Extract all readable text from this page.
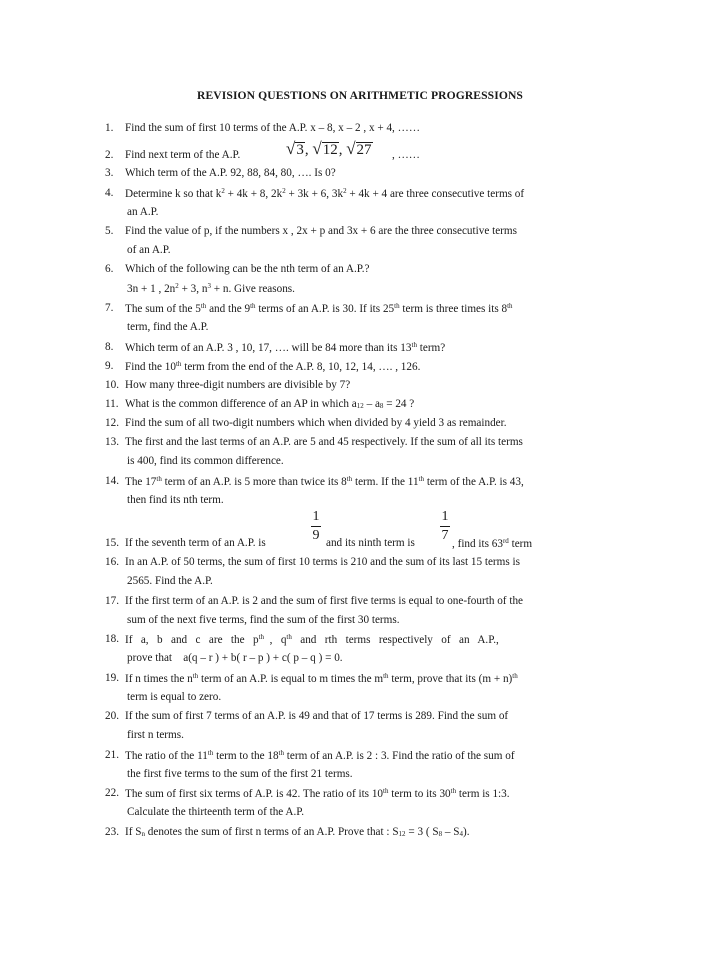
REVISION QUESTIONS ON ARITHMETIC PROGRESSIONS
1. Find the sum of first 10 terms of the A.P. x – 8, x – 2 , x + 4, ……
2. Find next term of the A.P.	√3, √12, √27 , ……
3. Which term of the A.P. 92, 88, 84, 80, …. Is 0?
4. Determine k so that $k^2 + 4k + 8$, $2k^2 + 3k + 6$, $3k^2 + 4k + 4$ are three consecutive terms of
an A.P.
5. Find the value of p, if the numbers x , 2x + p and 3x + 6 are the three consecutive terms
of an A.P.
6. Which of the following can be the nth term of an A.P.?
3n + 1 , $2n^2 + 3$, $n^3 + n$. Give reasons.
7. The sum of the 5th and the 9th terms of an A.P. is 30. If its 25th term is three times its 8th
term, find the A.P.
8. Which term of an A.P. 3 , 10, 17, …. will be 84 more than its 13th term?
9. Find the 10th term from the end of the A.P. 8, 10, 12, 14, …. , 126.
10. How many three-digit numbers are divisible by 7?
11. What is the common difference of an AP in which $a_{12} - a_8 = 24$ ?
12. Find the sum of all two-digit numbers which when divided by 4 yield 3 as remainder.
13. The first and the last terms of an A.P. are 5 and 45 respectively. If the sum of all its terms
is 400, find its common difference.
14. The 17th term of an A.P. is 5 more than twice its 8th term. If the 11th term of the A.P. is 43,
then find its nth term.
15. If the seventh term of an A.P. is
1
9 and its ninth term is
1
7
, find its 63rd term
16. In an A.P. of 50 terms, the sum of first 10 terms is 210 and the sum of its last 15 terms is
2565. Find the A.P.
17. If the first term of an A.P. is 2 and the sum of first five terms is equal to one-fourth of the
sum of the next five terms, find the sum of the first 30 terms.
18. If   a,   b   and   c   are   the   $p^{th}$  ,   $q^{th}$   and   rth   terms   respectively   of   an   A.P.,
prove that    a(q – r ) + b( r – p ) + c( p – q ) = 0.
19. If n times the $n^{th}$ term of an A.P. is equal to m times the $m^{th}$ term, prove that its $(m + n)^{th}$
term is equal to zero.
20. If the sum of first 7 terms of an A.P. is 49 and that of 17 terms is 289. Find the sum of
first n terms.
21. The ratio of the 11th term to the 18th term of an A.P. is 2 : 3. Find the ratio of the sum of
the first five terms to the sum of the first 21 terms.
22. The sum of first six terms of A.P. is 42. The ratio of its 10th term to its 30th term is 1:3.
Calculate the thirteenth term of the A.P.
23. If $S_n$ denotes the sum of first n terms of an A.P. Prove that : $S_{12} = 3$ ( $S_8 - S_4$).
